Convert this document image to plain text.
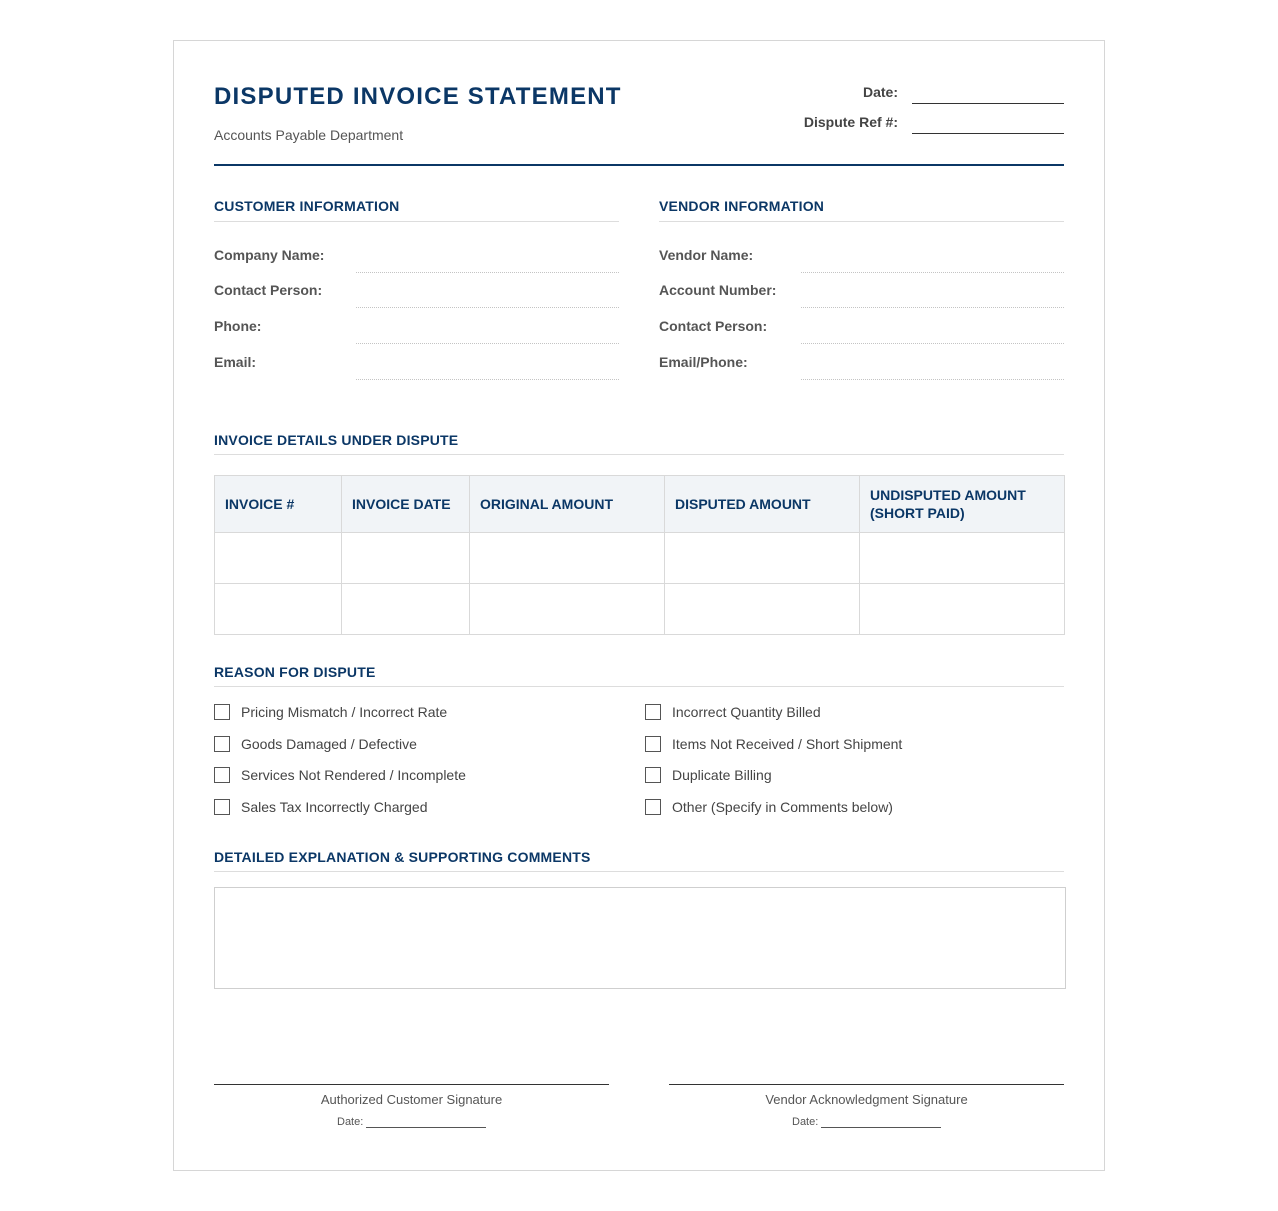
DISPUTED INVOICE STATEMENT
Accounts Payable Department
Date:
Dispute Ref #:
CUSTOMER INFORMATION
Company Name:
Contact Person:
Phone:
Email:
VENDOR INFORMATION
Vendor Name:
Account Number:
Contact Person:
Email/Phone:
INVOICE DETAILS UNDER DISPUTE
INVOICE #	INVOICE DATE	ORIGINAL AMOUNT	DISPUTED AMOUNT	UNDISPUTED AMOUNT (SHORT PAID)

REASON FOR DISPUTE
Pricing Mismatch / Incorrect Rate
Goods Damaged / Defective
Services Not Rendered / Incomplete
Sales Tax Incorrectly Charged
Incorrect Quantity Billed
Items Not Received / Short Shipment
Duplicate Billing
Other (Specify in Comments below)
DETAILED EXPLANATION & SUPPORTING COMMENTS
Authorized Customer Signature
Date:
Vendor Acknowledgment Signature
Date:
